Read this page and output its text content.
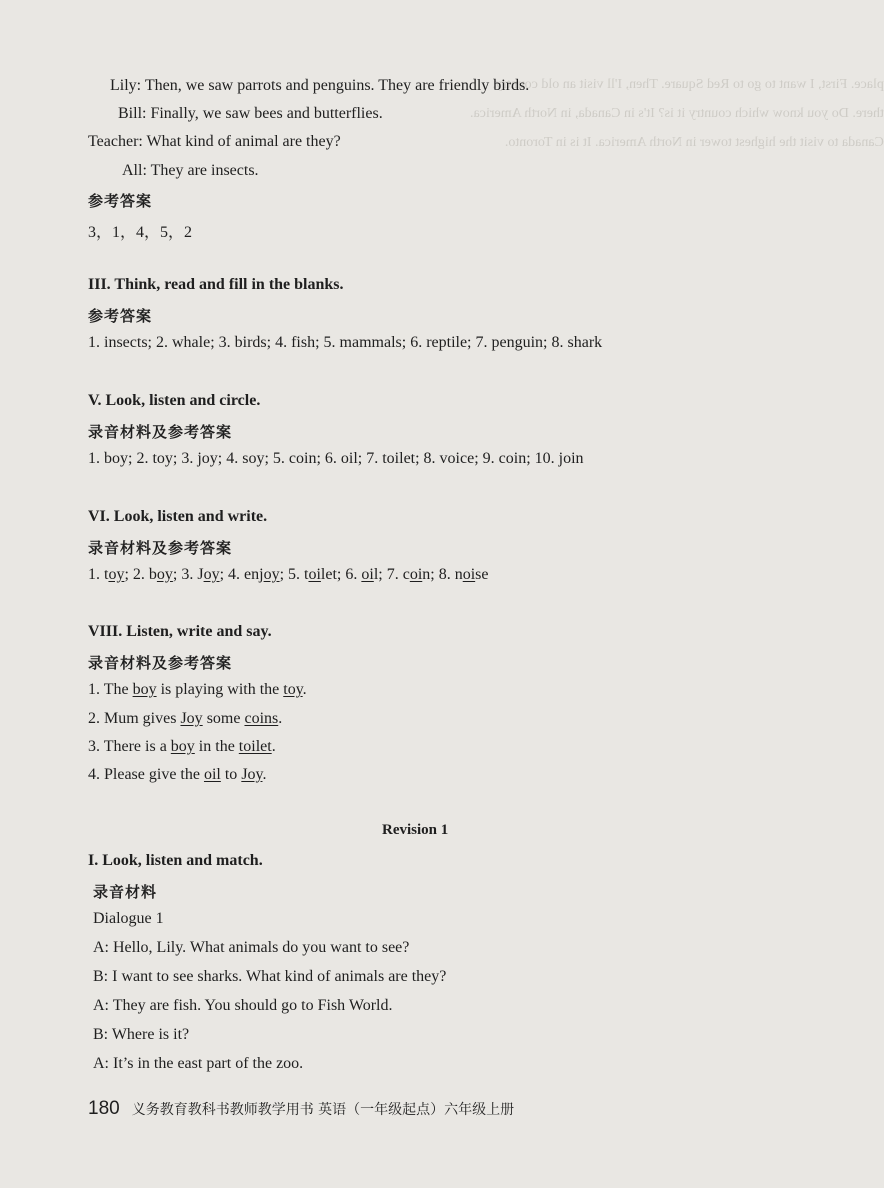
place. First, I want to go to Red Square. Then, I'll visit an old country.
there. Do you know which country it is? It's in Canada, in North America.
Canada to visit the highest tower in North America. It is in Toronto.
Lily: Then, we saw parrots and penguins. They are friendly birds.
Bill: Finally, we saw bees and butterflies.
Teacher: What kind of animal are they?
All: They are insects.
参考答案
3，1，4，5，2
III. Think, read and fill in the blanks.
参考答案
1. insects; 2. whale; 3. birds; 4. fish; 5. mammals; 6. reptile; 7. penguin; 8. shark
V. Look, listen and circle.
录音材料及参考答案
1. boy; 2. toy; 3. joy; 4. soy; 5. coin; 6. oil; 7. toilet; 8. voice; 9. coin; 10. join
VI. Look, listen and write.
录音材料及参考答案
1. toy; 2. boy; 3. Joy; 4. enjoy; 5. toilet; 6. oil; 7. coin; 8. noise
VIII. Listen, write and say.
录音材料及参考答案
1. The boy is playing with the toy.
2. Mum gives Joy some coins.
3. There is a boy in the toilet.
4. Please give the oil to Joy.
Revision 1
I. Look, listen and match.
录音材料
Dialogue 1
A: Hello, Lily. What animals do you want to see?
B: I want to see sharks. What kind of animals are they?
A: They are fish. You should go to Fish World.
B: Where is it?
A: It’s in the east part of the zoo.
180 义务教育教科书教师教学用书 英语（一年级起点）六年级上册
